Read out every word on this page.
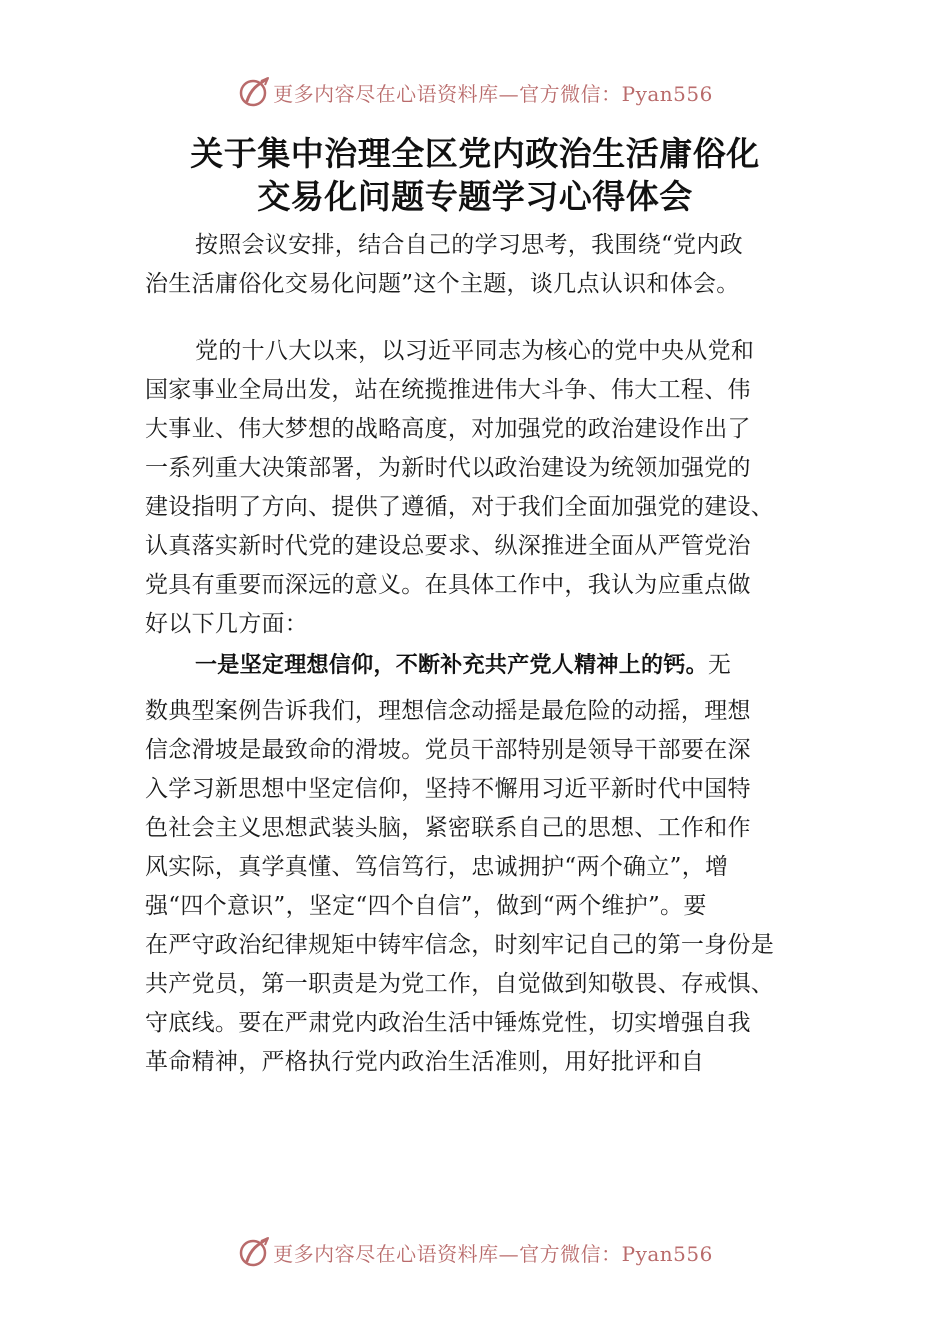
更多内容尽在心语资料库—官方微信：Pyan556
关于集中治理全区党内政治生活庸俗化
交易化问题专题学习心得体会
按照会议安排，结合自己的学习思考，我围绕“党内政
治生活庸俗化交易化问题”这个主题，谈几点认识和体会。
党的十八大以来，以习近平同志为核心的党中央从党和
国家事业全局出发，站在统揽推进伟大斗争、伟大工程、伟
大事业、伟大梦想的战略高度，对加强党的政治建设作出了
一系列重大决策部署，为新时代以政治建设为统领加强党的
建设指明了方向、提供了遵循，对于我们全面加强党的建设、
认真落实新时代党的建设总要求、纵深推进全面从严管党治
党具有重要而深远的意义。在具体工作中，我认为应重点做
好以下几方面：
一是坚定理想信仰，不断补充共产党人精神上的钙。无
数典型案例告诉我们，理想信念动摇是最危险的动摇，理想
信念滑坡是最致命的滑坡。党员干部特别是领导干部要在深
入学习新思想中坚定信仰，坚持不懈用习近平新时代中国特
色社会主义思想武装头脑，紧密联系自己的思想、工作和作
风实际，真学真懂、笃信笃行，忠诚拥护“两个确立”，增
强“四个意识”，坚定“四个自信”，做到“两个维护”。要
在严守政治纪律规矩中铸牢信念，时刻牢记自己的第一身份是
共产党员，第一职责是为党工作，自觉做到知敬畏、存戒惧、
守底线。要在严肃党内政治生活中锤炼党性，切实增强自我
革命精神，严格执行党内政治生活准则，用好批评和自
更多内容尽在心语资料库—官方微信：Pyan556
